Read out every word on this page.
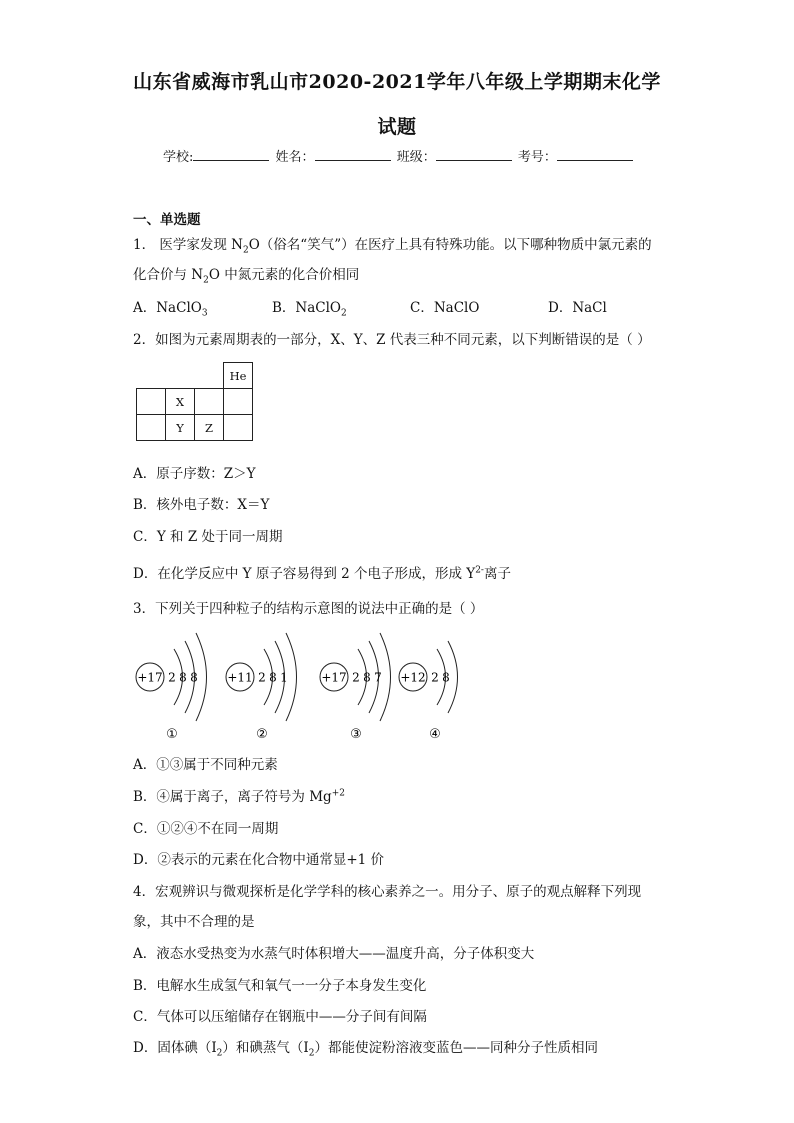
山东省威海市乳山市2020-2021学年八年级上学期期末化学
试题
学校:	姓名：	班级：	考号：
一、单选题
1． 医学家发现 $N_2O$（俗名“笑气”）在医疗上具有特殊功能。以下哪种物质中氯元素的
化合价与 $N_2O$ 中氮元素的化合价相同
A．NaClO$_3$	B．NaClO$_2$	C．NaClO	D．NaCl
2．如图为元素周期表的一部分，X、Y、Z 代表三种不同元素，以下判断错误的是（ ）
			He
	X		
	Y	Z	
A．原子序数：Z＞Y
B．核外电子数：X＝Y
C．Y 和 Z 处于同一周期
D．在化学反应中 Y 原子容易得到 2 个电子形成，形成 $Y^{2-}$离子
3．下列关于四种粒子的结构示意图的说法中正确的是（ ）
+17 2 8 8
①
+11 2 8 1
②
+17 2 8 7
③
+12 2 8
④
A．①③属于不同种元素
B．④属于离子，离子符号为 $Mg^{+2}$
C．①②④不在同一周期
D．②表示的元素在化合物中通常显+1 价
4．宏观辨识与微观探析是化学学科的核心素养之一。用分子、原子的观点解释下列现
象，其中不合理的是
A．液态水受热变为水蒸气时体积增大——温度升高，分子体积变大
B．电解水生成氢气和氧气一一分子本身发生变化
C．气体可以压缩储存在钢瓶中——分子间有间隔
D．固体碘$(I_2)$和碘蒸气$(I_2)$都能使淀粉溶液变蓝色——同种分子性质相同
